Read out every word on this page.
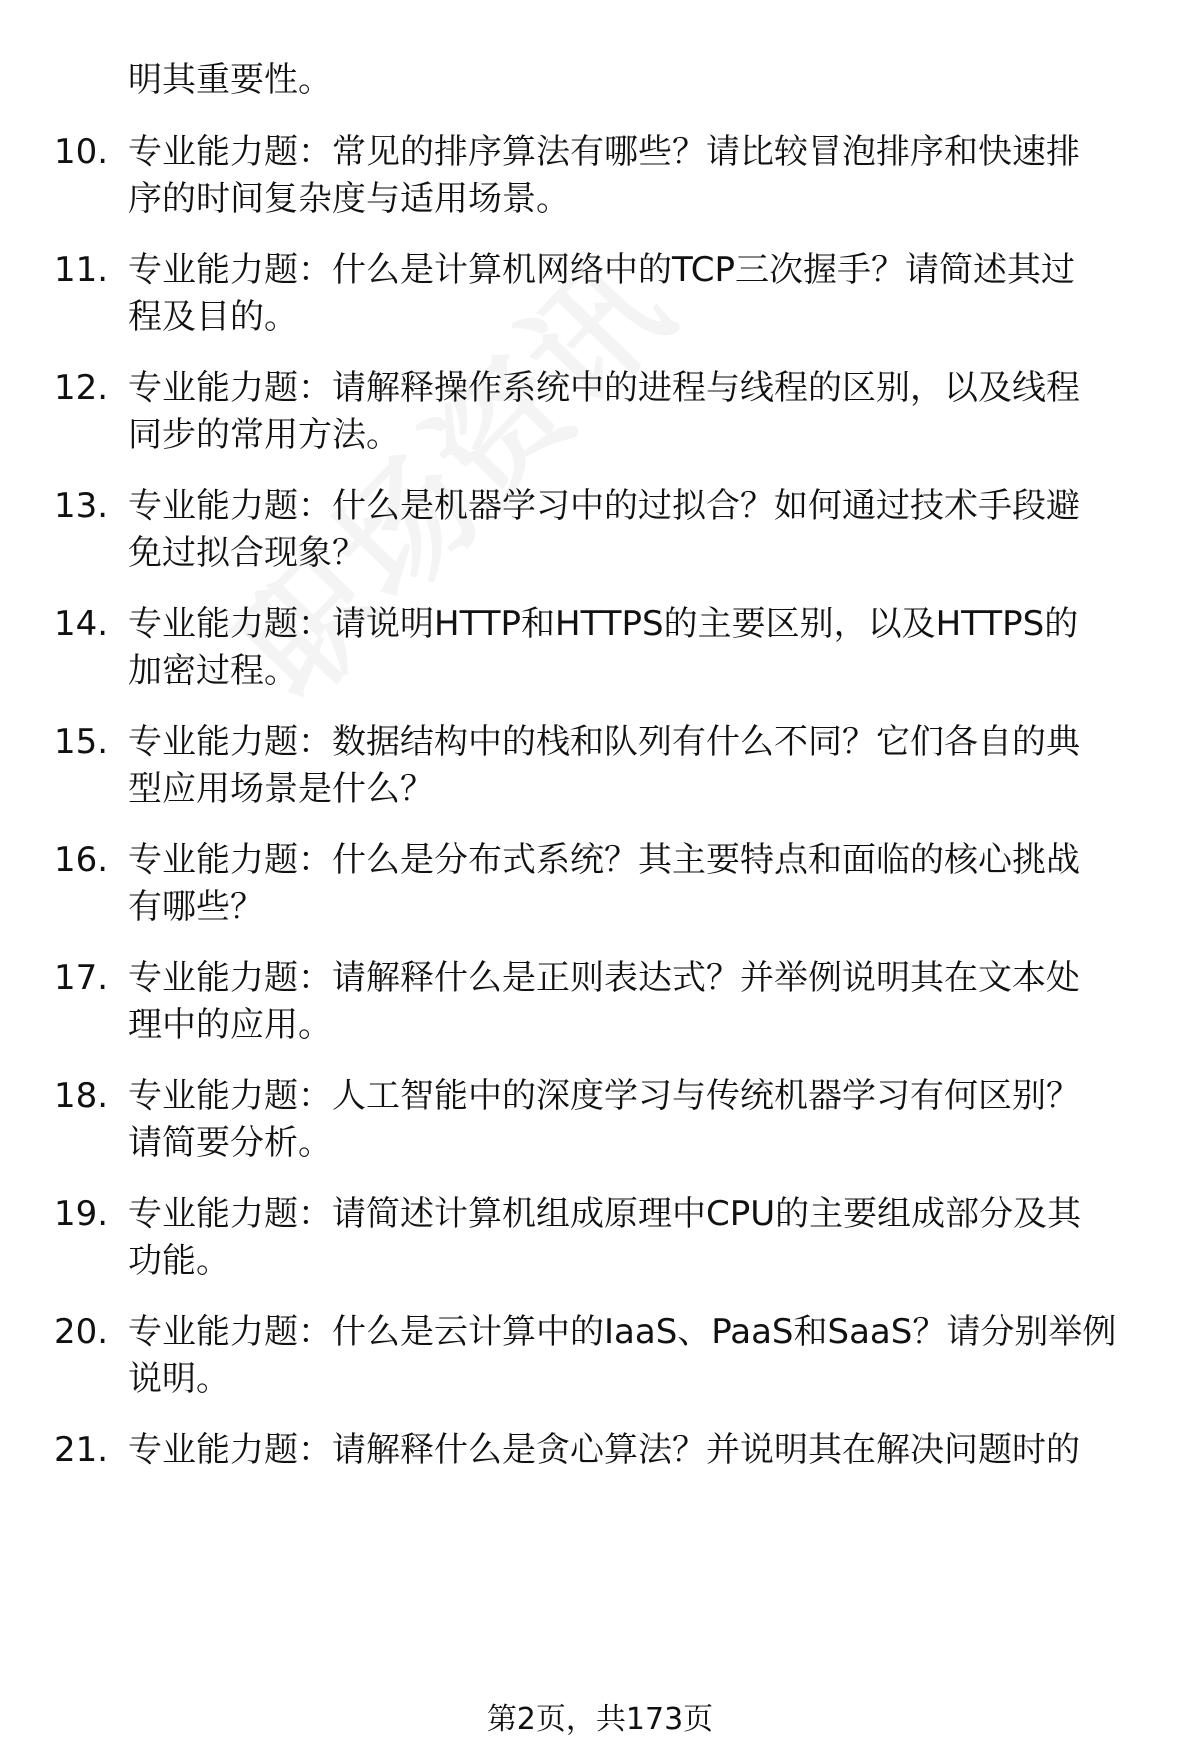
明其重要性。
10. 专业能力题：常见的排序算法有哪些？请比较冒泡排序和快速排
序的时间复杂度与适用场景。
11. 专业能力题：什么是计算机网络中的TCP三次握手？请简述其过
程及目的。
12. 专业能力题：请解释操作系统中的进程与线程的区别，以及线程
同步的常用方法。
13. 专业能力题：什么是机器学习中的过拟合？如何通过技术手段避
免过拟合现象？
14. 专业能力题：请说明HTTP和HTTPS的主要区别，以及HTTPS的
加密过程。
15. 专业能力题：数据结构中的栈和队列有什么不同？它们各自的典
型应用场景是什么？
16. 专业能力题：什么是分布式系统？其主要特点和面临的核心挑战
有哪些？
17. 专业能力题：请解释什么是正则表达式？并举例说明其在文本处
理中的应用。
18. 专业能力题：人工智能中的深度学习与传统机器学习有何区别？
请简要分析。
19. 专业能力题：请简述计算机组成原理中CPU的主要组成部分及其
功能。
20. 专业能力题：什么是云计算中的IaaS、PaaS和SaaS？请分别举例
说明。
21. 专业能力题：请解释什么是贪心算法？并说明其在解决问题时的
第2页，共173页
